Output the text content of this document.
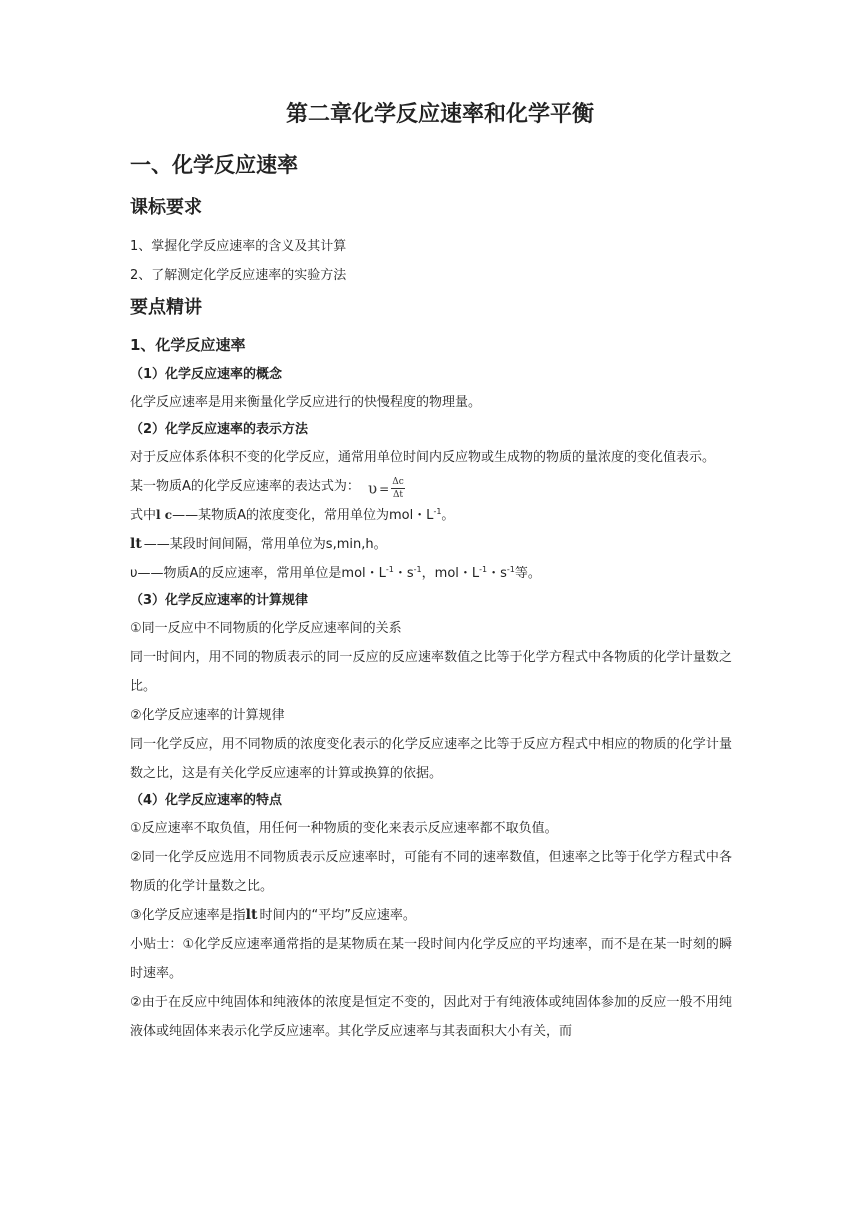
第二章化学反应速率和化学平衡
一、化学反应速率
课标要求

1、掌握化学反应速率的含义及其计算

2、了解测定化学反应速率的实验方法

要点精讲
1、化学反应速率

（1）化学反应速率的概念

化学反应速率是用来衡量化学反应进行的快慢程度的物理量。

（2）化学反应速率的表示方法

对于反应体系体积不变的化学反应，通常用单位时间内反应物或生成物的物质的量浓度的变化值表示。

某一物质A的化学反应速率的表达式为： $\upsilon = \frac{\Delta c}{\Delta t}$

式中l c——某物质A的浓度变化，常用单位为mol・$L^{-1}$。

lt ——某段时间间隔，常用单位为s,min,h。

υ——物质A的反应速率，常用单位是mol・$L^{-1}$・$s^{-1}$，mol・$L^{-1}$・$s^{-1}$等。

（3）化学反应速率的计算规律

①同一反应中不同物质的化学反应速率间的关系

同一时间内，用不同的物质表示的同一反应的反应速率数值之比等于化学方程式中各物质的化学计量数之比。

②化学反应速率的计算规律

同一化学反应，用不同物质的浓度变化表示的化学反应速率之比等于反应方程式中相应的物质的化学计量数之比，这是有关化学反应速率的计算或换算的依据。

（4）化学反应速率的特点

①反应速率不取负值，用任何一种物质的变化来表示反应速率都不取负值。

②同一化学反应选用不同物质表示反应速率时，可能有不同的速率数值，但速率之比等于化学方程式中各物质的化学计量数之比。

③化学反应速率是指lt 时间内的“平均”反应速率。

小贴士：①化学反应速率通常指的是某物质在某一段时间内化学反应的平均速率，而不是在某一时刻的瞬时速率。

②由于在反应中纯固体和纯液体的浓度是恒定不变的，因此对于有纯液体或纯固体参加的反应一般不用纯液体或纯固体来表示化学反应速率。其化学反应速率与其表面积大小有关，而
